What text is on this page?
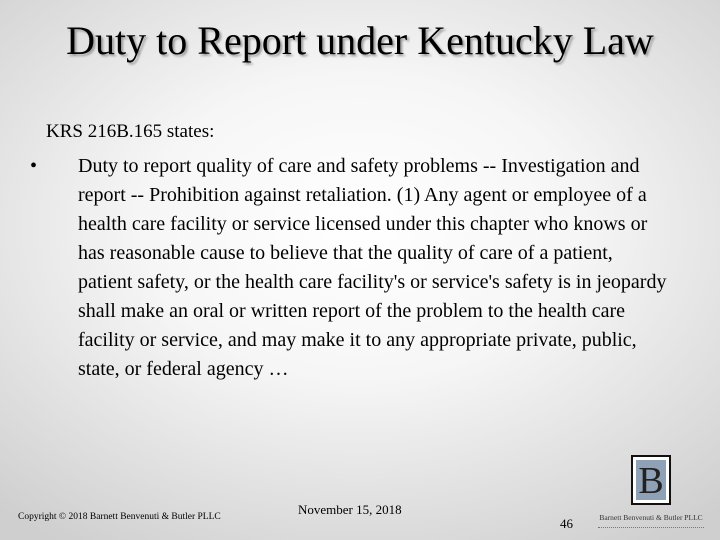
Duty to Report under Kentucky Law
KRS 216B.165 states:
•	Duty to report quality of care and safety problems -- Investigation and report -- Prohibition against retaliation. (1) Any agent or employee of a health care facility or service licensed under this chapter who knows or has reasonable cause to believe that the quality of care of a patient, patient safety, or the health care facility's or service's safety is in jeopardy shall make an oral or written report of the problem to the health care facility or service, and may make it to any appropriate private, public, state, or federal agency …
Copyright © 2018 Barnett Benvenuti & Butler PLLC	November 15, 2018
46
B
Barnett Benvenuti & Butler PLLC
